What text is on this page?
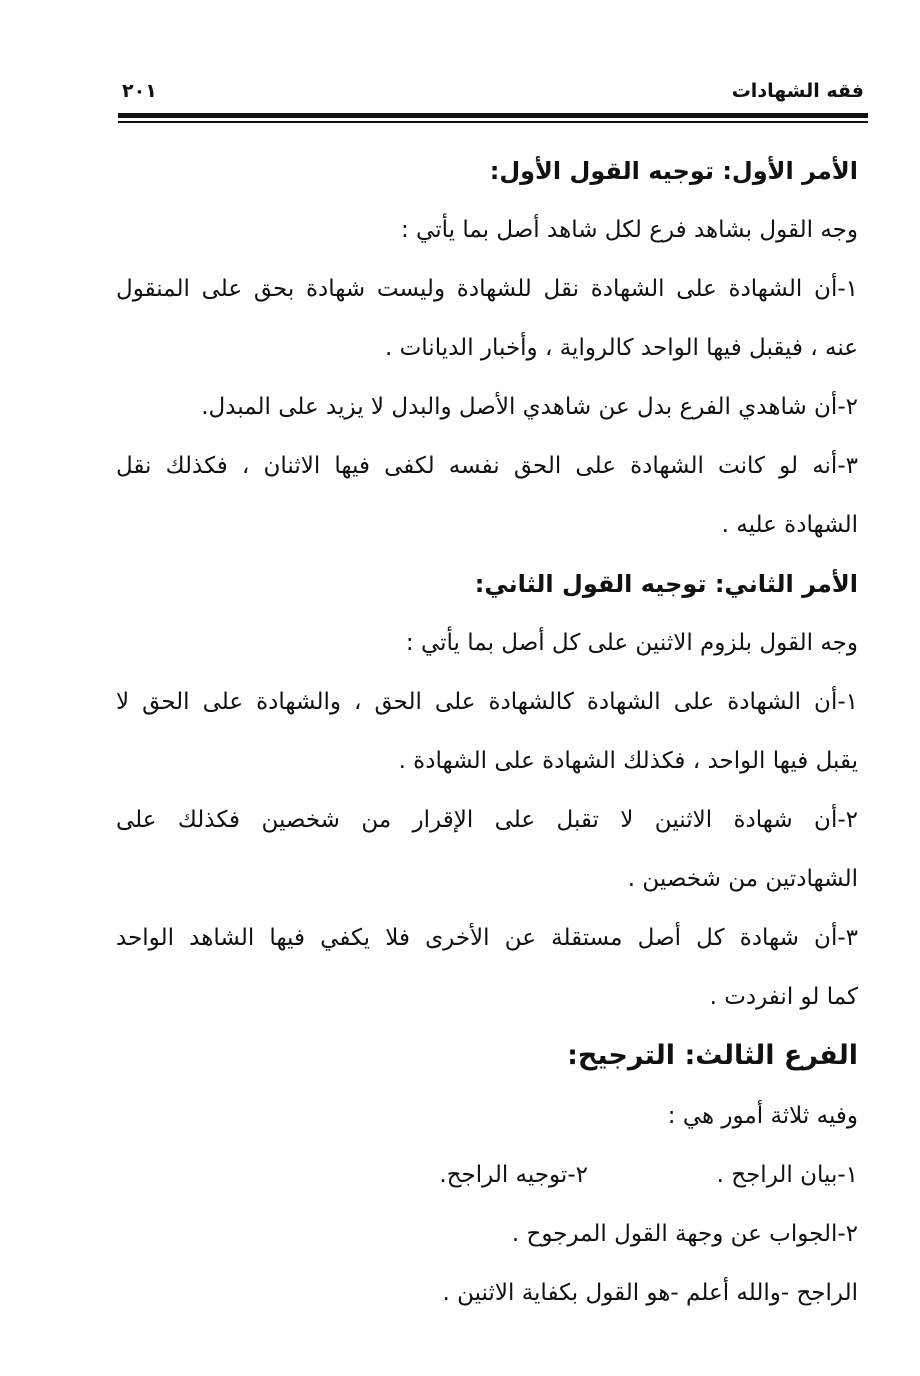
فقه الشهادات
٢٠١
الأمر الأول: توجيه القول الأول:
وجه القول بشاهد فرع لكل شاهد أصل بما يأتي :
١-أن الشهادة على الشهادة نقل للشهادة وليست شهادة بحق على المنقول
عنه ، فيقبل فيها الواحد كالرواية ، وأخبار الديانات .
٢-أن شاهدي الفرع بدل عن شاهدي الأصل والبدل لا يزيد على المبدل.
٣-أنه لو كانت الشهادة على الحق نفسه لكفى فيها الاثنان ، فكذلك نقل
الشهادة عليه .
الأمر الثاني: توجيه القول الثاني:
وجه القول بلزوم الاثنين على كل أصل بما يأتي :
١-أن الشهادة على الشهادة كالشهادة على الحق ، والشهادة على الحق لا
يقبل فيها الواحد ، فكذلك الشهادة على الشهادة .
٢-أن شهادة الاثنين لا تقبل على الإقرار من شخصين فكذلك على
الشهادتين من شخصين .
٣-أن شهادة كل أصل مستقلة عن الأخرى فلا يكفي فيها الشاهد الواحد
كما لو انفردت .
الفرع الثالث: الترجيح:
وفيه ثلاثة أمور هي :
١-بيان الراجح .
٢-توجيه الراجح.
٢-الجواب عن وجهة القول المرجوح .
الراجح -والله أعلم -هو القول بكفاية الاثنين .
